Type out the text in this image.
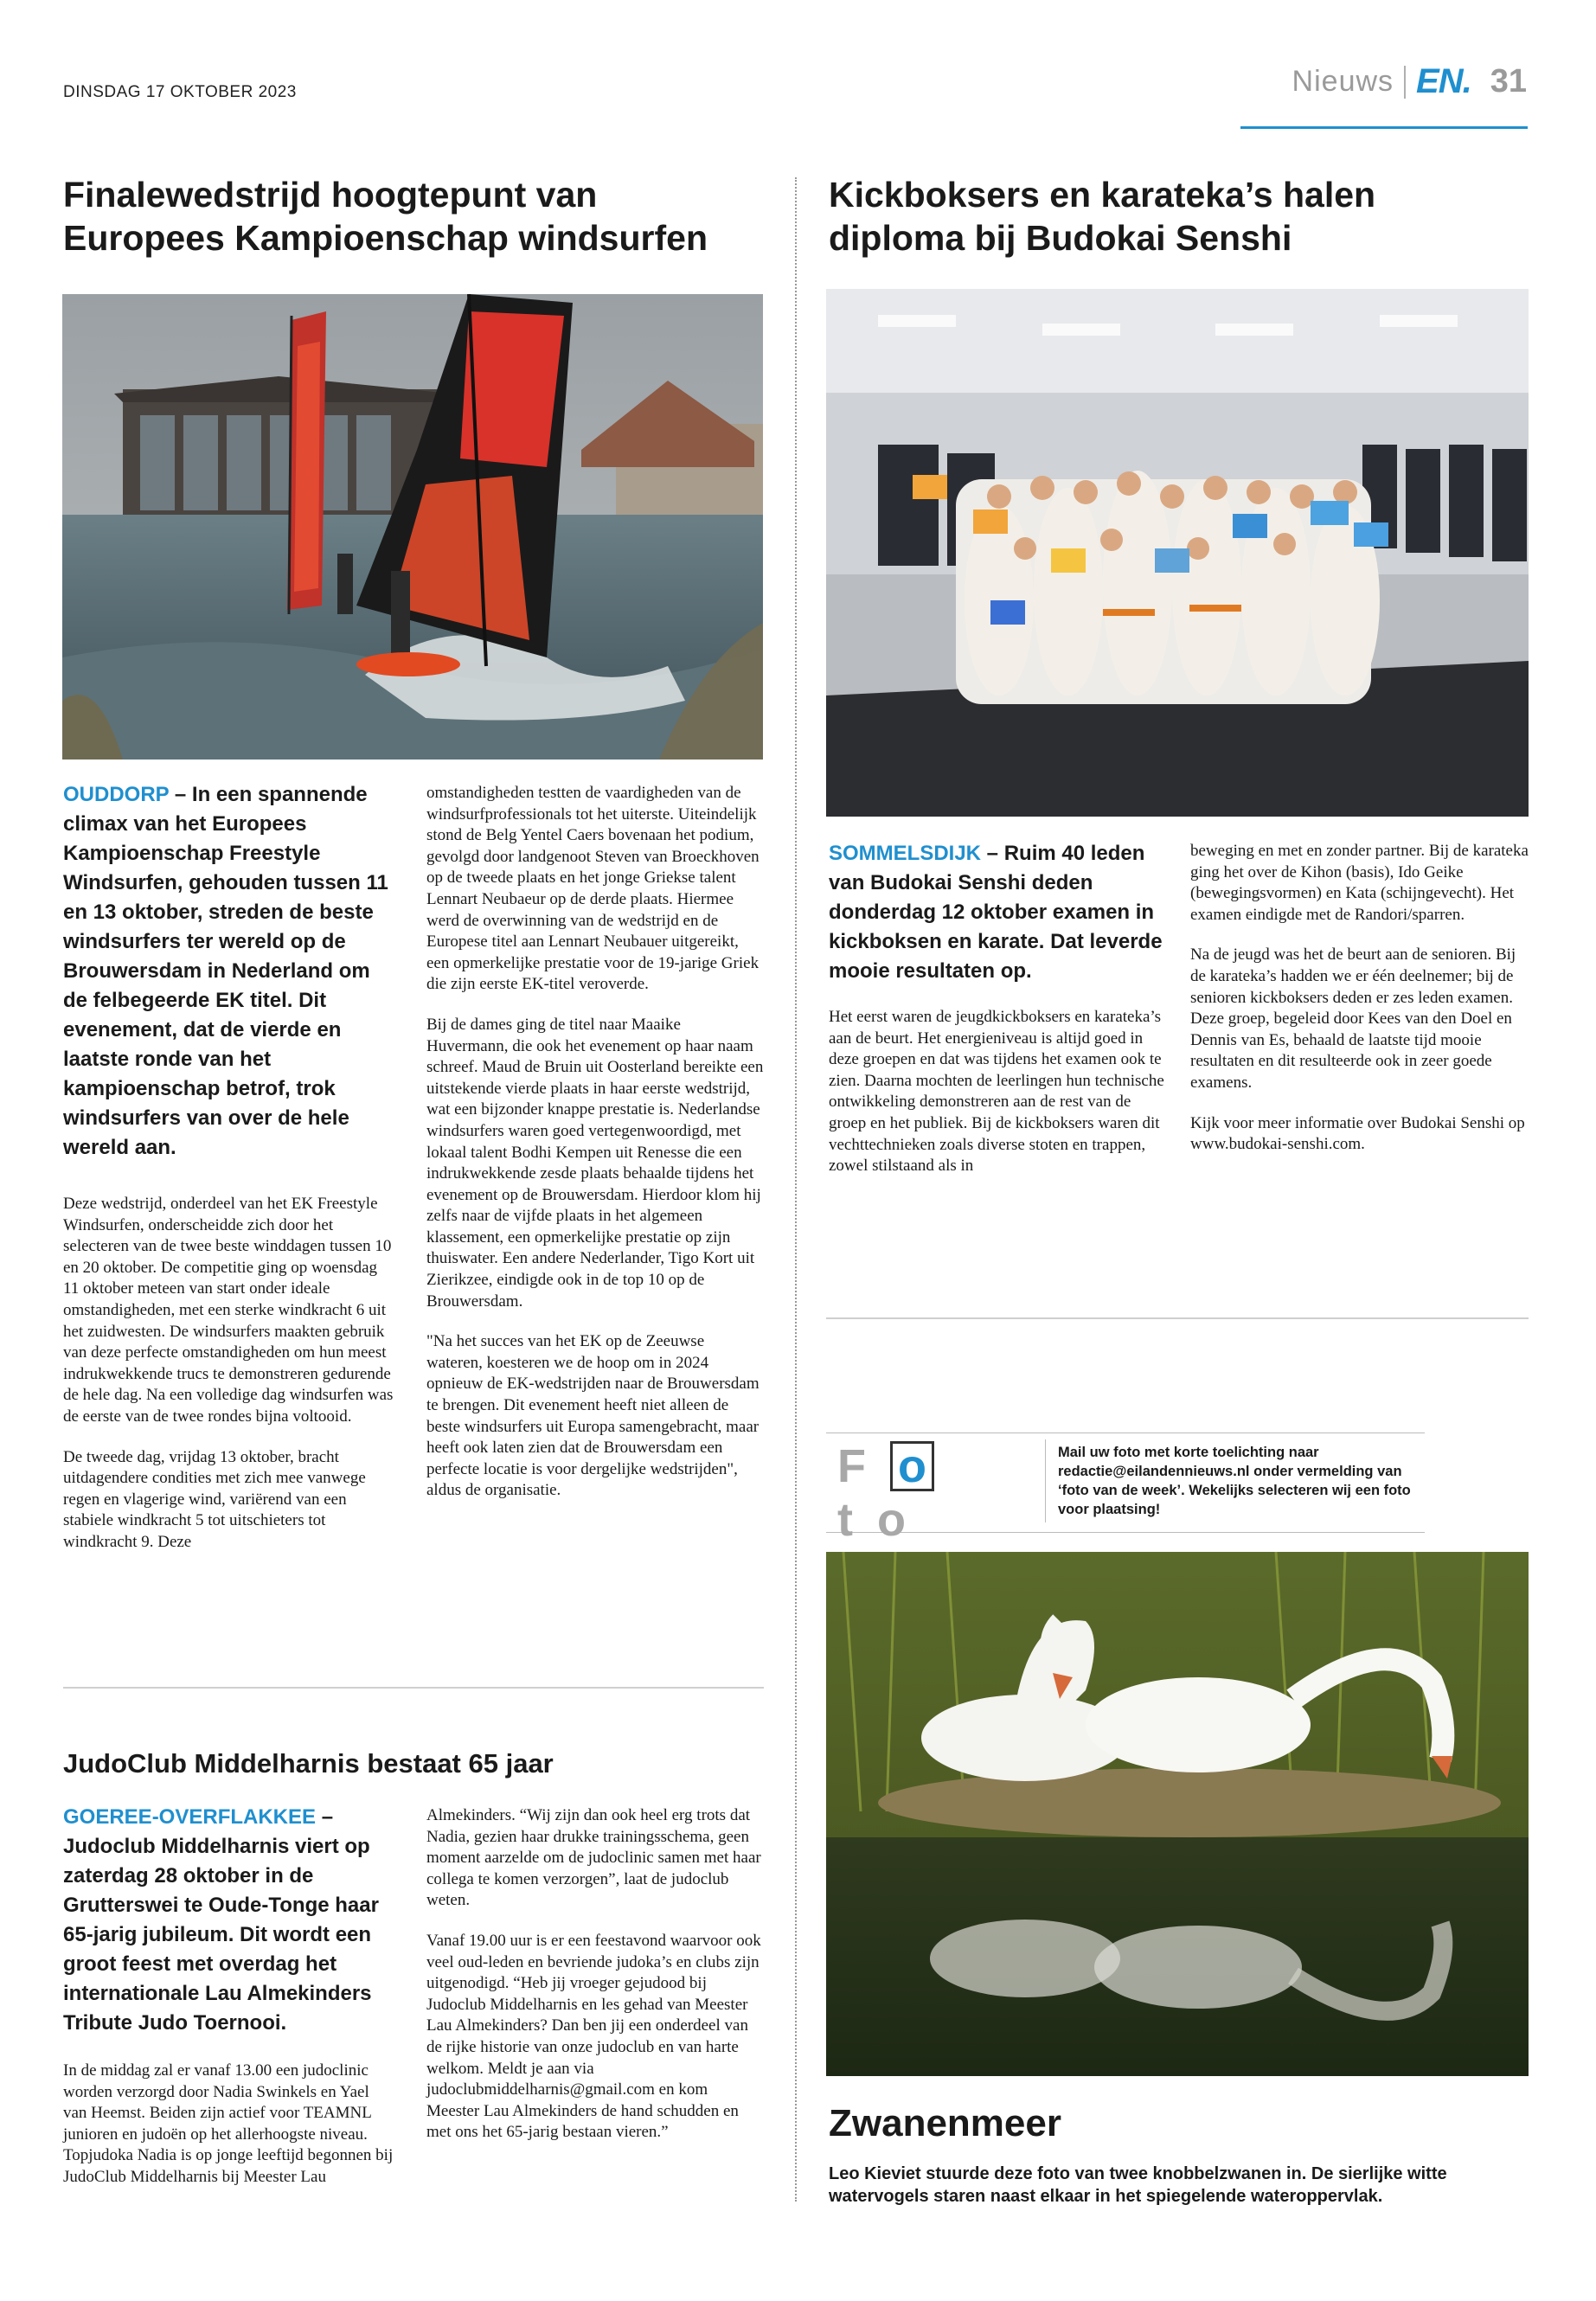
DINSDAG 17 OKTOBER 2023	Nieuws EN. 31
Finalewedstrijd hoogtepunt van Europees Kampioenschap windsurfen
OUDDORP – In een spannende climax van het Europees Kampioenschap Freestyle Windsurfen, gehouden tussen 11 en 13 oktober, streden de beste windsurfers ter wereld op de Brouwersdam in Nederland om de felbegeerde EK titel. Dit evenement, dat de vierde en laatste ronde van het kampioenschap betrof, trok windsurfers van over de hele wereld aan.

Deze wedstrijd, onderdeel van het EK Freestyle Windsurfen, onderscheidde zich door het selecteren van de twee beste winddagen tussen 10 en 20 oktober. De competitie ging op woensdag 11 oktober meteen van start onder ideale omstandigheden, met een sterke windkracht 6 uit het zuidwesten. De windsurfers maakten gebruik van deze perfecte omstandigheden om hun meest indrukwekkende trucs te demonstreren gedurende de hele dag. Na een volledige dag windsurfen was de eerste van de twee rondes bijna voltooid.

De tweede dag, vrijdag 13 oktober, bracht uitdagendere condities met zich mee vanwege regen en vlagerige wind, variërend van een stabiele windkracht 5 tot uitschieters tot windkracht 9. Deze

omstandigheden testten de vaardigheden van de windsurfprofessionals tot het uiterste. Uiteindelijk stond de Belg Yentel Caers bovenaan het podium, gevolgd door landgenoot Steven van Broeckhoven op de tweede plaats en het jonge Griekse talent Lennart Neubaeur op de derde plaats. Hiermee werd de overwinning van de wedstrijd en de Europese titel aan Lennart Neubauer uitgereikt, een opmerkelijke prestatie voor de 19-jarige Griek die zijn eerste EK-titel veroverde.

Bij de dames ging de titel naar Maaike Huvermann, die ook het evenement op haar naam schreef. Maud de Bruin uit Oosterland bereikte een uitstekende vierde plaats in haar eerste wedstrijd, wat een bijzonder knappe prestatie is. Nederlandse windsurfers waren goed vertegenwoordigd, met lokaal talent Bodhi Kempen uit Renesse die een indrukwekkende zesde plaats behaalde tijdens het evenement op de Brouwersdam. Hierdoor klom hij zelfs naar de vijfde plaats in het algemeen klassement, een opmerkelijke prestatie op zijn thuiswater. Een andere Nederlander, Tigo Kort uit Zierikzee, eindigde ook in de top 10 op de Brouwersdam.

"Na het succes van het EK op de Zeeuwse wateren, koesteren we de hoop om in 2024 opnieuw de EK-wedstrijden naar de Brouwersdam te brengen. Dit evenement heeft niet alleen de beste windsurfers uit Europa samengebracht, maar heeft ook laten zien dat de Brouwersdam een perfecte locatie is voor dergelijke wedstrijden", aldus de organisatie.

JudoClub Middelharnis bestaat 65 jaar
GOEREE-OVERFLAKKEE – Judoclub Middelharnis viert op zaterdag 28 oktober in de Grutterswei te Oude-Tonge haar 65-jarig jubileum. Dit wordt een groot feest met overdag het internationale Lau Almekinders Tribute Judo Toernooi.

In de middag zal er vanaf 13.00 een judoclinic worden verzorgd door Nadia Swinkels en Yael van Heemst. Beiden zijn actief voor TEAMNL junioren en judoën op het allerhoogste niveau. Topjudoka Nadia is op jonge leeftijd begonnen bij JudoClub Middelharnis bij Meester Lau

Almekinders. “Wij zijn dan ook heel erg trots dat Nadia, gezien haar drukke trainingsschema, geen moment aarzelde om de judoclinic samen met haar collega te komen verzorgen”, laat de judoclub weten.

Vanaf 19.00 uur is er een feestavond waarvoor ook veel oud-leden en bevriende judoka’s en clubs zijn uitgenodigd. “Heb jij vroeger gejudood bij Judoclub Middelharnis en les gehad van Meester Lau Almekinders? Dan ben jij een onderdeel van de rijke historie van onze judoclub en van harte welkom. Meldt je aan via judoclubmiddelharnis@gmail.com en kom Meester Lau Almekinders de hand schudden en met ons het 65-jarig bestaan vieren.”

Kickboksers en karateka’s halen diploma bij Budokai Senshi
SOMMELSDIJK – Ruim 40 leden van Budokai Senshi deden donderdag 12 oktober examen in kickboksen en karate. Dat leverde mooie resultaten op.

Het eerst waren de jeugdkickboksers en karateka’s aan de beurt. Het energieniveau is altijd goed in deze groepen en dat was tijdens het examen ook te zien. Daarna mochten de leerlingen hun technische ontwikkeling demonstreren aan de rest van de groep en het publiek. Bij de kickboksers waren dit vechttechnieken zoals diverse stoten en trappen, zowel stilstaand als in

beweging en met en zonder partner. Bij de karateka ging het over de Kihon (basis), Ido Geike (bewegingsvormen) en Kata (schijngevecht). Het examen eindigde met de Randori/sparren.

Na de jeugd was het de beurt aan de senioren. Bij de karateka’s hadden we er één deelnemer; bij de senioren kickboksers deden er zes leden examen. Deze groep, begeleid door Kees van den Doel en Dennis van Es, behaald de laatste tijd mooie resultaten en dit resulteerde ook in zeer goede examens.

Kijk voor meer informatie over Budokai Senshi op www.budokai-senshi.com.

F oto
Mail uw foto met korte toelichting naar redactie@eilandennieuws.nl onder vermelding van ‘foto van de week’. Wekelijks selecteren wij een foto voor plaatsing!
Zwanenmeer
Leo Kieviet stuurde deze foto van twee knobbelzwanen in. De sierlijke witte watervogels staren naast elkaar in het spiegelende wateroppervlak.
